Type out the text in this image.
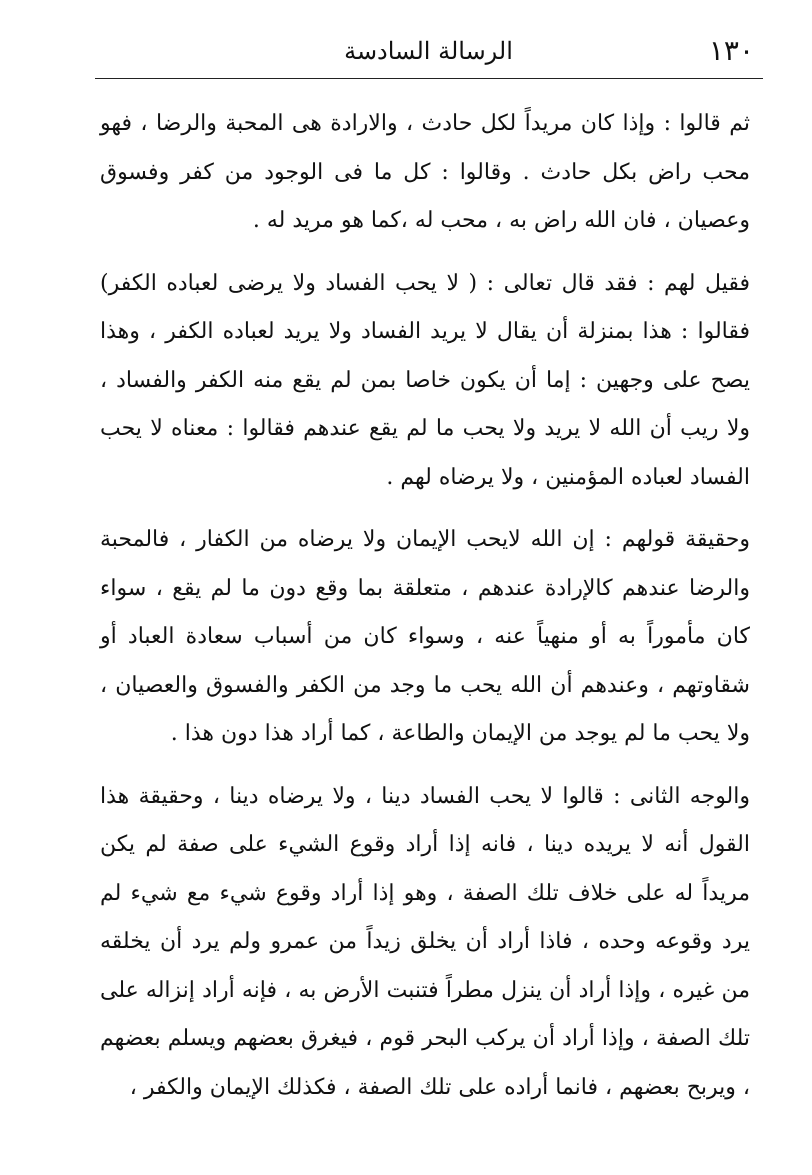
١٣٠
الرسالة السادسة

ثم قالوا : وإذا كان مريداً لكل حادث ، والارادة هى المحبة والرضا ، فهو محب راض بكل حادث . وقالوا : كل ما فى الوجود من كفر وفسوق وعصيان ، فان الله راض به ، محب له ،كما هو مريد له .

فقيل لهم : فقد قال تعالى : ( لا يحب الفساد ولا يرضى لعباده الكفر) فقالوا : هذا بمنزلة أن يقال لا يريد الفساد ولا يريد لعباده الكفر ، وهذا يصح على وجهين : إما أن يكون خاصا بمن لم يقع منه الكفر والفساد ، ولا ريب أن الله لا يريد ولا يحب ما لم يقع عندهم فقالوا : معناه لا يحب الفساد لعباده المؤمنين ، ولا يرضاه لهم .

وحقيقة قولهم : إن الله لايحب الإيمان ولا يرضاه من الكفار ، فالمحبة والرضا عندهم كالإرادة عندهم ، متعلقة بما وقع دون ما لم يقع ، سواء كان مأموراً به أو منهياً عنه ، وسواء كان من أسباب سعادة العباد أو شقاوتهم ، وعندهم أن الله يحب ما وجد من الكفر والفسوق والعصيان ، ولا يحب ما لم يوجد من الإيمان والطاعة ، كما أراد هذا دون هذا .

والوجه الثانى : قالوا لا يحب الفساد دينا ، ولا يرضاه دينا ، وحقيقة هذا القول أنه لا يريده دينا ، فانه إذا أراد وقوع الشيء على صفة لم يكن مريداً له على خلاف تلك الصفة ، وهو إذا أراد وقوع شيء مع شيء لم يرد وقوعه وحده ، فاذا أراد أن يخلق زيداً من عمرو ولم يرد أن يخلقه من غيره ، وإذا أراد أن ينزل مطراً فتنبت الأرض به ، فإنه أراد إنزاله على تلك الصفة ، وإذا أراد أن يركب البحر قوم ، فيغرق بعضهم ويسلم بعضهم ، ويربح بعضهم ، فانما أراده على تلك الصفة ، فكذلك الإيمان والكفر ،
